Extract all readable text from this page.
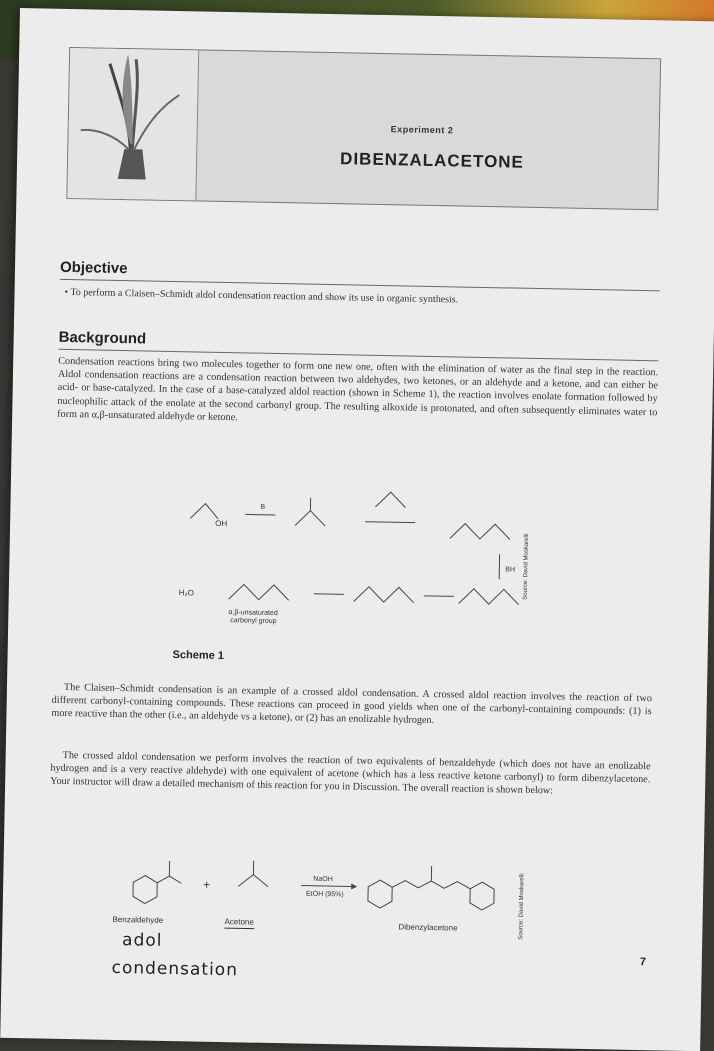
Experiment 2
DIBENZALACETONE
Objective
• To perform a Claisen–Schmidt aldol condensation reaction and show its use in organic synthesis.
Background
Condensation reactions bring two molecules together to form one new one, often with the elimination of water as the final step in the reaction. Aldol condensation reactions are a condensation reaction between two aldehydes, two ketones, or an aldehyde and a ketone, and can either be acid- or base-catalyzed. In the case of a base-catalyzed aldol reaction (shown in Scheme 1), the reaction involves enolate formation followed by nucleophilic attack of the enolate at the second carbonyl group. The resulting alkoxide is protonated, and often subsequently eliminates water to form an α,β-unsaturated aldehyde or ketone.
OH
B
BH
H₂O
α,β-unsaturated
carbonyl group
Source: David Moskarelli
Scheme 1
The Claisen–Schmidt condensation is an example of a crossed aldol condensation. A crossed aldol reaction involves the reaction of two different carbonyl-containing compounds. These reactions can proceed in good yields when one of the carbonyl-containing compounds: (1) is more reactive than the other (i.e., an aldehyde vs a ketone), or (2) has an enolizable hydrogen.
The crossed aldol condensation we perform involves the reaction of two equivalents of benzaldehyde (which does not have an enolizable hydrogen and is a very reactive aldehyde) with one equivalent of acetone (which has a less reactive ketone carbonyl) to form dibenzylacetone. Your instructor will draw a detailed mechanism of this reaction for you in Discussion. The overall reaction is shown below:
+	NaOH
EtOH (95%)
Benzaldehyde	Acetone
Dibenzylacetone	Source: David Moskarelli
adol
condensation	7
